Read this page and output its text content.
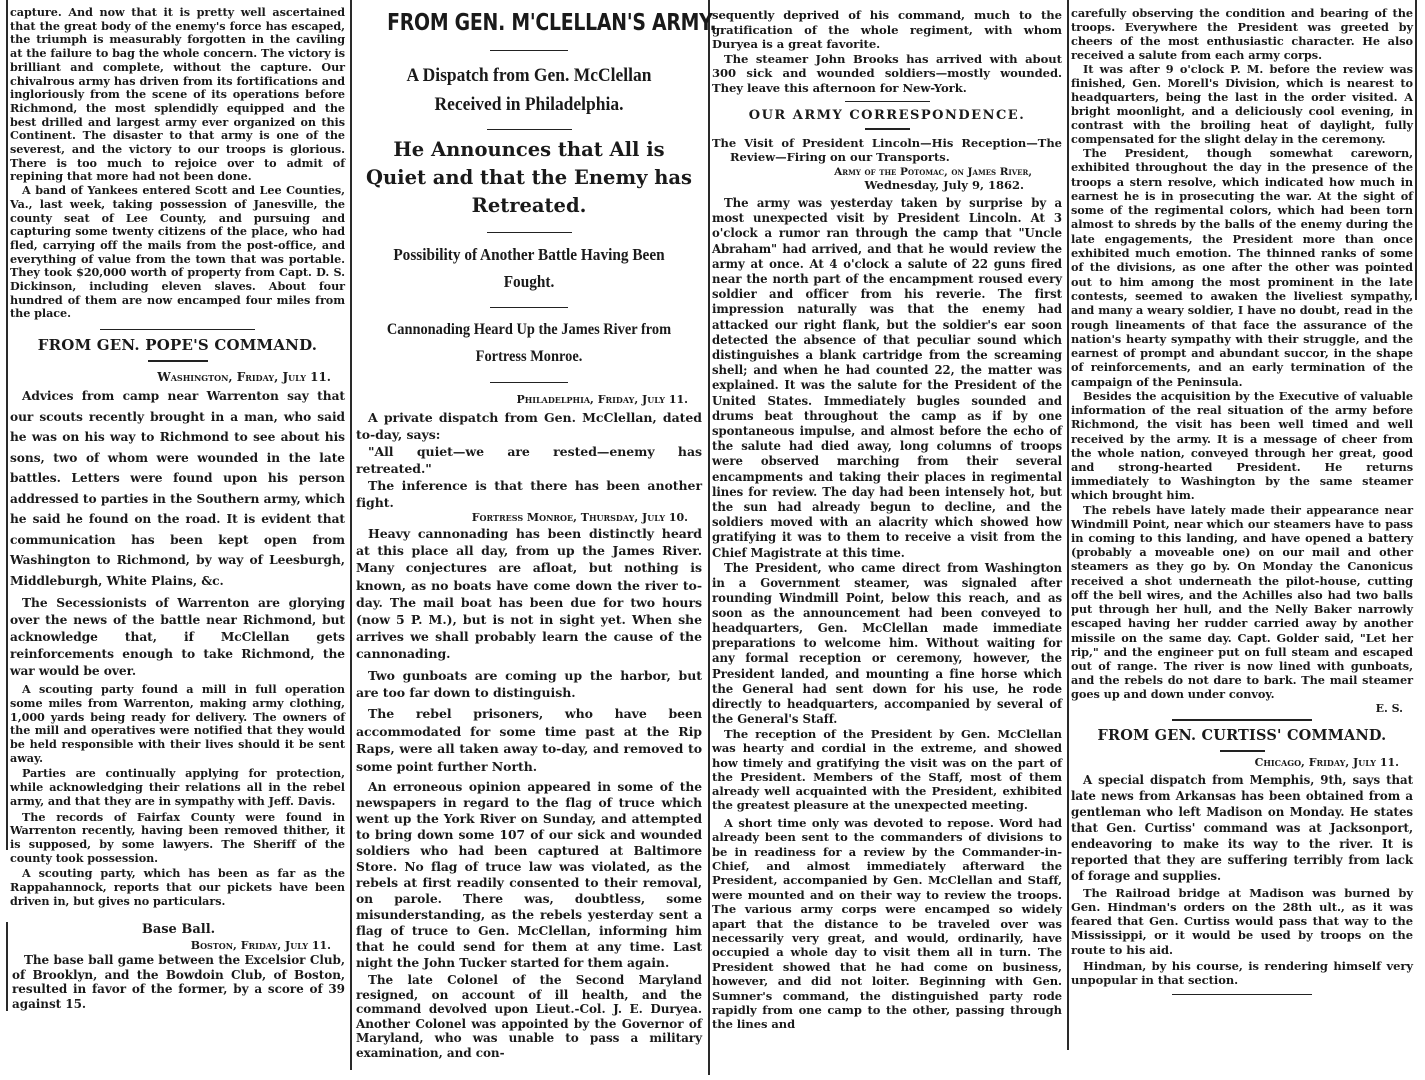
capture. And now that it is pretty well ascertained that the great body of the enemy's force has escaped, the triumph is measurably forgotten in the caviling at the failure to bag the whole concern. The victory is brilliant and complete, without the capture. Our chivalrous army has driven from its fortifications and ingloriously from the scene of its operations before Richmond, the most splendidly equipped and the best drilled and largest army ever organized on this Continent. The disaster to that army is one of the severest, and the victory to our troops is glorious. There is too much to rejoice over to admit of repining that more had not been done.

A band of Yankees entered Scott and Lee Counties, Va., last week, taking possession of Janesville, the county seat of Lee County, and pursuing and capturing some twenty citizens of the place, who had fled, carrying off the mails from the post-office, and everything of value from the town that was portable. They took $20,000 worth of property from Capt. D. S. Dickinson, including eleven slaves. About four hundred of them are now encamped four miles from the place.

FROM GEN. POPE'S COMMAND.
Washington, Friday, July 11.

Advices from camp near Warrenton say that our scouts recently brought in a man, who said he was on his way to Richmond to see about his sons, two of whom were wounded in the late battles. Letters were found upon his person addressed to parties in the Southern army, which he said he found on the road. It is evident that communication has been kept open from Washington to Richmond, by way of Leesburgh, Middleburgh, White Plains, &c.

The Secessionists of Warrenton are glorying over the news of the battle near Richmond, but acknowledge that, if McClellan gets reinforcements enough to take Richmond, the war would be over.

A scouting party found a mill in full operation some miles from Warrenton, making army clothing, 1,000 yards being ready for delivery. The owners of the mill and operatives were notified that they would be held responsible with their lives should it be sent away.

Parties are continually applying for protection, while acknowledging their relations all in the rebel army, and that they are in sympathy with Jeff. Davis.

The records of Fairfax County were found in Warrenton recently, having been removed thither, it is supposed, by some lawyers. The Sheriff of the county took possession.

A scouting party, which has been as far as the Rappahannock, reports that our pickets have been driven in, but gives no particulars.

Base Ball.
Boston, Friday, July 11.

The base ball game between the Excelsior Club, of Brooklyn, and the Bowdoin Club, of Boston, resulted in favor of the former, by a score of 39 against 15.

FROM GEN. M'CLELLAN'S ARMY.
A Dispatch from Gen. McClellan Received in Philadelphia.
He Announces that All is Quiet and that the Enemy has Retreated.
Possibility of Another Battle Having Been Fought.
Cannonading Heard Up the James River from Fortress Monroe.
Philadelphia, Friday, July 11.

A private dispatch from Gen. McClellan, dated to-day, says:

"All quiet—we are rested—enemy has retreated."

The inference is that there has been another fight.

Fortress Monroe, Thursday, July 10.

Heavy cannonading has been distinctly heard at this place all day, from up the James River. Many conjectures are afloat, but nothing is known, as no boats have come down the river to-day. The mail boat has been due for two hours (now 5 P. M.), but is not in sight yet. When she arrives we shall probably learn the cause of the cannonading.

Two gunboats are coming up the harbor, but are too far down to distinguish.

The rebel prisoners, who have been accommodated for some time past at the Rip Raps, were all taken away to-day, and removed to some point further North.

An erroneous opinion appeared in some of the newspapers in regard to the flag of truce which went up the York River on Sunday, and attempted to bring down some 107 of our sick and wounded soldiers who had been captured at Baltimore Store. No flag of truce law was violated, as the rebels at first readily consented to their removal, on parole. There was, doubtless, some misunderstanding, as the rebels yesterday sent a flag of truce to Gen. McClellan, informing him that he could send for them at any time. Last night the John Tucker started for them again.

The late Colonel of the Second Maryland resigned, on account of ill health, and the command devolved upon Lieut.-Col. J. E. Duryea. Another Colonel was appointed by the Governor of Maryland, who was unable to pass a military examination, and con-

sequently deprived of his command, much to the gratification of the whole regiment, with whom Duryea is a great favorite.

The steamer John Brooks has arrived with about 300 sick and wounded soldiers—mostly wounded. They leave this afternoon for New-York.

OUR ARMY CORRESPONDENCE.
The Visit of President Lincoln—His Reception—The Review—Firing on our Transports.
Army of the Potomac, on James River,
Wednesday, July 9, 1862.

The army was yesterday taken by surprise by a most unexpected visit by President Lincoln. At 3 o'clock a rumor ran through the camp that "Uncle Abraham" had arrived, and that he would review the army at once. At 4 o'clock a salute of 22 guns fired near the north part of the encampment roused every soldier and officer from his reverie. The first impression naturally was that the enemy had attacked our right flank, but the soldier's ear soon detected the absence of that peculiar sound which distinguishes a blank cartridge from the screaming shell; and when he had counted 22, the matter was explained. It was the salute for the President of the United States. Immediately bugles sounded and drums beat throughout the camp as if by one spontaneous impulse, and almost before the echo of the salute had died away, long columns of troops were observed marching from their several encampments and taking their places in regimental lines for review. The day had been intensely hot, but the sun had already begun to decline, and the soldiers moved with an alacrity which showed how gratifying it was to them to receive a visit from the Chief Magistrate at this time.

The President, who came direct from Washington in a Government steamer, was signaled after rounding Windmill Point, below this reach, and as soon as the announcement had been conveyed to headquarters, Gen. McClellan made immediate preparations to welcome him. Without waiting for any formal reception or ceremony, however, the President landed, and mounting a fine horse which the General had sent down for his use, he rode directly to headquarters, accompanied by several of the General's Staff.

The reception of the President by Gen. McClellan was hearty and cordial in the extreme, and showed how timely and gratifying the visit was on the part of the President. Members of the Staff, most of them already well acquainted with the President, exhibited the greatest pleasure at the unexpected meeting.

A short time only was devoted to repose. Word had already been sent to the commanders of divisions to be in readiness for a review by the Commander-in-Chief, and almost immediately afterward the President, accompanied by Gen. McClellan and Staff, were mounted and on their way to review the troops. The various army corps were encamped so widely apart that the distance to be traveled over was necessarily very great, and would, ordinarily, have occupied a whole day to visit them all in turn. The President showed that he had come on business, however, and did not loiter. Beginning with Gen. Sumner's command, the distinguished party rode rapidly from one camp to the other, passing through the lines and

carefully observing the condition and bearing of the troops. Everywhere the President was greeted by cheers of the most enthusiastic character. He also received a salute from each army corps.

It was after 9 o'clock P. M. before the review was finished, Gen. Morell's Division, which is nearest to headquarters, being the last in the order visited. A bright moonlight, and a deliciously cool evening, in contrast with the broiling heat of daylight, fully compensated for the slight delay in the ceremony.

The President, though somewhat careworn, exhibited throughout the day in the presence of the troops a stern resolve, which indicated how much in earnest he is in prosecuting the war. At the sight of some of the regimental colors, which had been torn almost to shreds by the balls of the enemy during the late engagements, the President more than once exhibited much emotion. The thinned ranks of some of the divisions, as one after the other was pointed out to him among the most prominent in the late contests, seemed to awaken the liveliest sympathy, and many a weary soldier, I have no doubt, read in the rough lineaments of that face the assurance of the nation's hearty sympathy with their struggle, and the earnest of prompt and abundant succor, in the shape of reinforcements, and an early termination of the campaign of the Peninsula.

Besides the acquisition by the Executive of valuable information of the real situation of the army before Richmond, the visit has been well timed and well received by the army. It is a message of cheer from the whole nation, conveyed through her great, good and strong-hearted President. He returns immediately to Washington by the same steamer which brought him.

The rebels have lately made their appearance near Windmill Point, near which our steamers have to pass in coming to this landing, and have opened a battery (probably a moveable one) on our mail and other steamers as they go by. On Monday the Canonicus received a shot underneath the pilot-house, cutting off the bell wires, and the Achilles also had two balls put through her hull, and the Nelly Baker narrowly escaped having her rudder carried away by another missile on the same day. Capt. Golder said, "Let her rip," and the engineer put on full steam and escaped out of range. The river is now lined with gunboats, and the rebels do not dare to bark. The mail steamer goes up and down under convoy.

E. S.
FROM GEN. CURTISS' COMMAND.
Chicago, Friday, July 11.

A special dispatch from Memphis, 9th, says that late news from Arkansas has been obtained from a gentleman who left Madison on Monday. He states that Gen. Curtiss' command was at Jacksonport, endeavoring to make its way to the river. It is reported that they are suffering terribly from lack of forage and supplies.

The Railroad bridge at Madison was burned by Gen. Hindman's orders on the 28th ult., as it was feared that Gen. Curtiss would pass that way to the Mississippi, or it would be used by troops on the route to his aid.

Hindman, by his course, is rendering himself very unpopular in that section.
